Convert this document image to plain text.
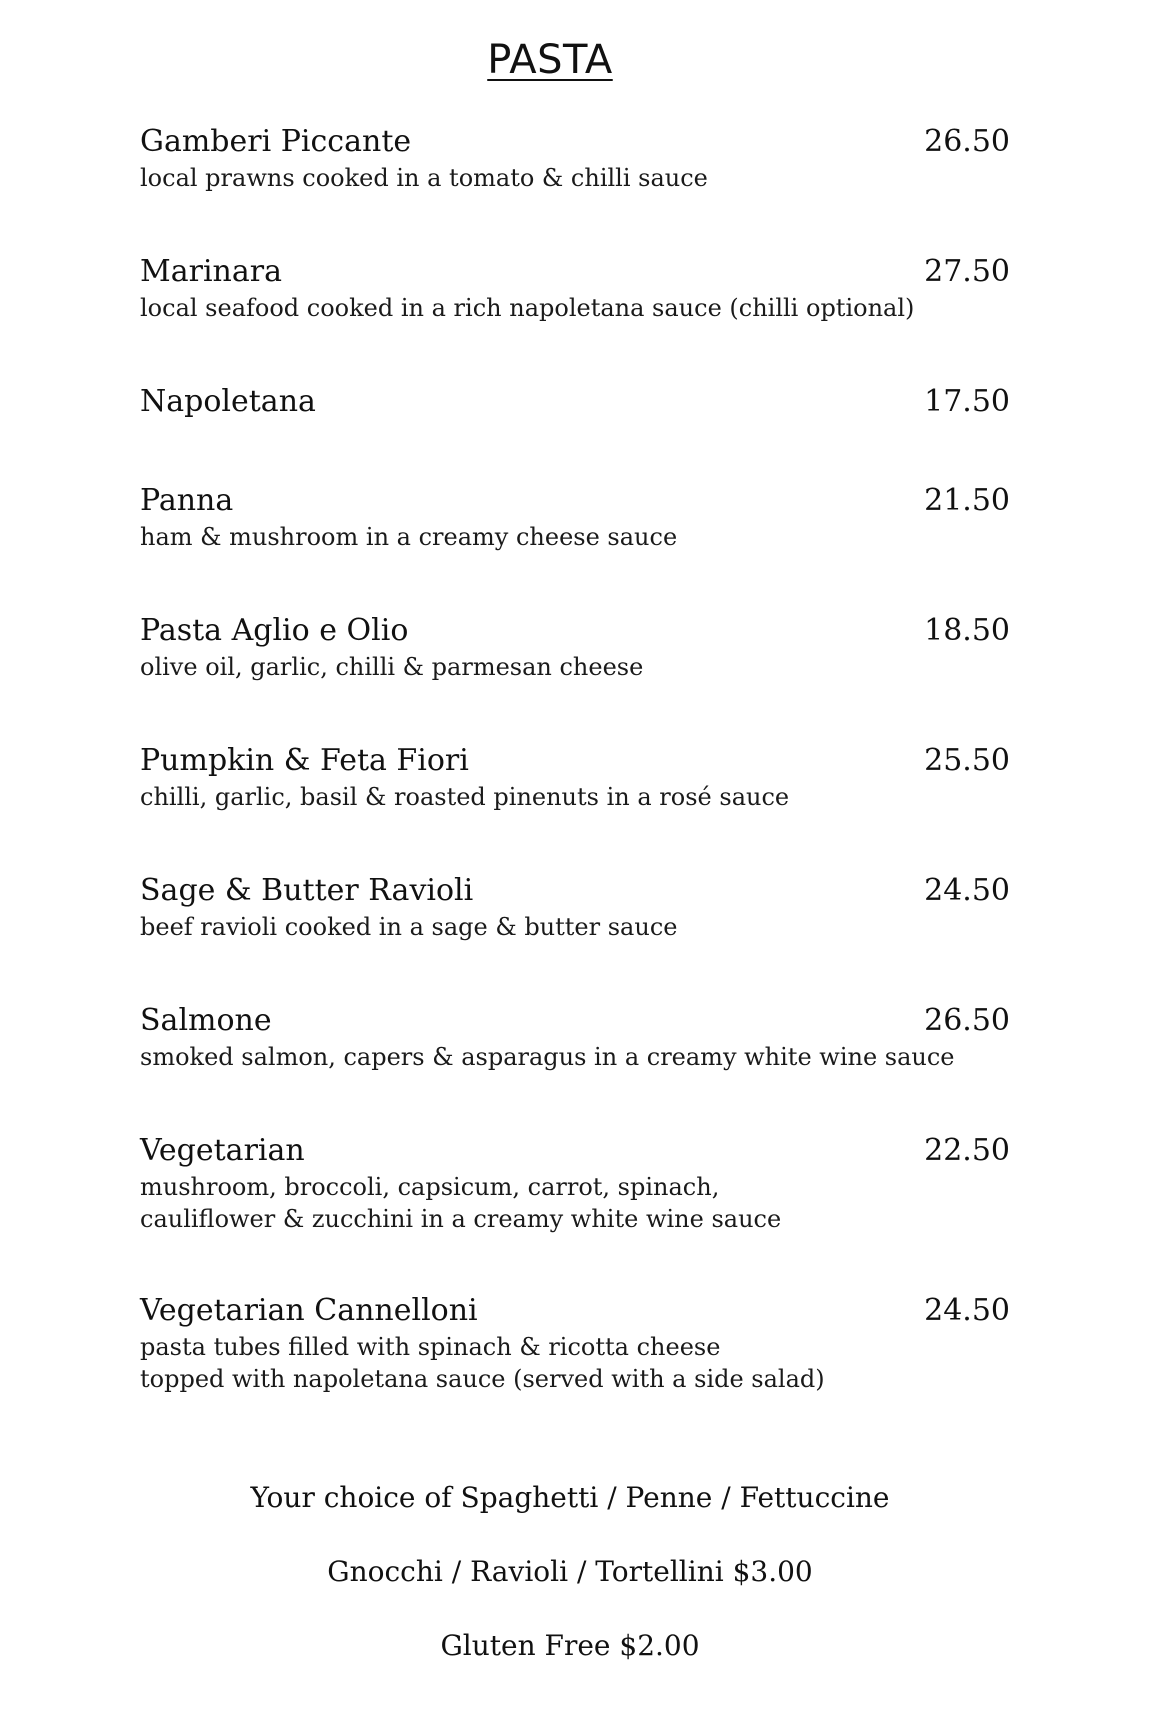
PASTA
Gamberi Piccante	26.50
local prawns cooked in a tomato & chilli sauce
Marinara	27.50
local seafood cooked in a rich napoletana sauce (chilli optional)
Napoletana	17.50
Panna	21.50
ham & mushroom in a creamy cheese sauce
Pasta Aglio e Olio	18.50
olive oil, garlic, chilli & parmesan cheese
Pumpkin & Feta Fiori	25.50
chilli, garlic, basil & roasted pinenuts in a rosé sauce
Sage & Butter Ravioli	24.50
beef ravioli cooked in a sage & butter sauce
Salmone	26.50
smoked salmon, capers & asparagus in a creamy white wine sauce
Vegetarian	22.50
mushroom, broccoli, capsicum, carrot, spinach,
cauliflower & zucchini in a creamy white wine sauce
Vegetarian Cannelloni	24.50
pasta tubes filled with spinach & ricotta cheese
topped with napoletana sauce (served with a side salad)
Your choice of Spaghetti / Penne / Fettuccine
Gnocchi / Ravioli / Tortellini $3.00
Gluten Free $2.00
